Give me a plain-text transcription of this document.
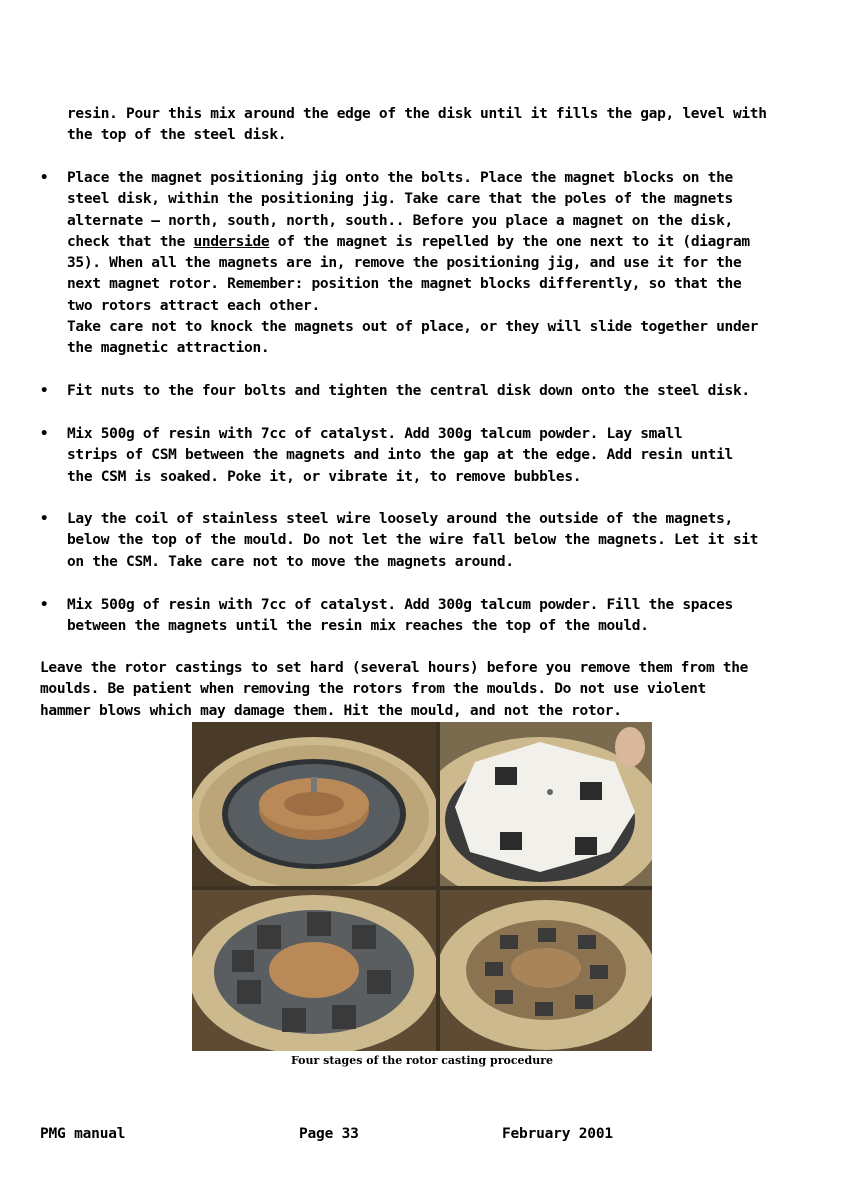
resin. Pour this mix around the edge of the disk until it fills the gap, level with
the top of the steel disk.
• Place the magnet positioning jig onto the bolts. Place the magnet blocks on the
steel disk, within the positioning jig. Take care that the poles of the magnets
alternate – north, south, north, south.. Before you place a magnet on the disk,
check that the underside of the magnet is repelled by the one next to it (diagram
35). When all the magnets are in, remove the positioning jig, and use it for the
next magnet rotor. Remember: position the magnet blocks differently, so that the
two rotors attract each other.
Take care not to knock the magnets out of place, or they will slide together under
the magnetic attraction.
• Fit nuts to the four bolts and tighten the central disk down onto the steel disk.
• Mix 500g of resin with 7cc of catalyst. Add 300g talcum powder. Lay small
strips of CSM between the magnets and into the gap at the edge. Add resin until
the CSM is soaked. Poke it, or vibrate it, to remove bubbles.
• Lay the coil of stainless steel wire loosely around the outside of the magnets,
below the top of the mould. Do not let the wire fall below the magnets. Let it sit
on the CSM. Take care not to move the magnets around.
• Mix 500g of resin with 7cc of catalyst. Add 300g talcum powder. Fill the spaces
between the magnets until the resin mix reaches the top of the mould.
Leave the rotor castings to set hard (several hours) before you remove them from the
moulds. Be patient when removing the rotors from the moulds. Do not use violent
hammer blows which may damage them. Hit the mould, and not the rotor.
Four stages of the rotor casting procedure
PMG manual	Page 33	February 2001
